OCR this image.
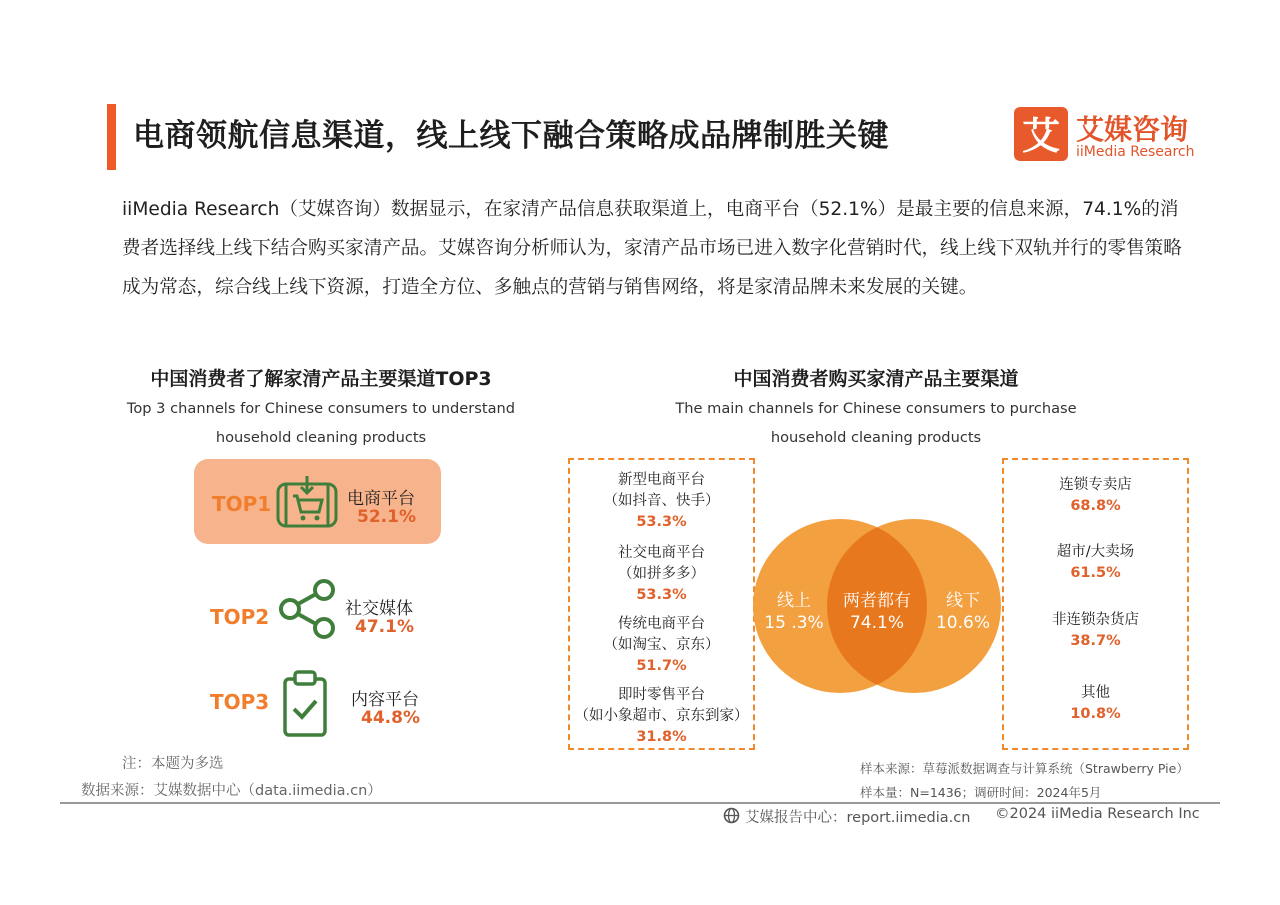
电商领航信息渠道，线上线下融合策略成品牌制胜关键	艾 艾媒咨询
iiMedia Research
iiMedia Research（艾媒咨询）数据显示，在家清产品信息获取渠道上，电商平台（52.1%）是最主要的信息来源，74.1%的消费者选择线上线下结合购买家清产品。艾媒咨询分析师认为，家清产品市场已进入数字化营销时代，线上线下双轨并行的零售策略成为常态，综合线上线下资源，打造全方位、多触点的营销与销售网络，将是家清品牌未来发展的关键。
中国消费者了解家清产品主要渠道TOP3
Top 3 channels for Chinese consumers to understand
household cleaning products
TOP1	电商平台
52.1%
TOP2	社交媒体
47.1%
TOP3	内容平台
44.8%
中国消费者购买家清产品主要渠道
The main channels for Chinese consumers to purchase
household cleaning products
新型电商平台
（如抖音、快手）
53.3%
社交电商平台
（如拼多多）
53.3%
传统电商平台
（如淘宝、京东）
51.7%
即时零售平台
（如小象超市、京东到家）
31.8%
线上
15 .3%
两者都有
74.1%
线下
10.6%
连锁专卖店
68.8%
超市/大卖场
61.5%
非连锁杂货店
38.7%
其他
10.8%
注：本题为多选
数据来源：艾媒数据中心（data.iimedia.cn）
样本来源：草莓派数据调查与计算系统（Strawberry Pie）
样本量：N=1436；调研时间：2024年5月
艾媒报告中心：report.iimedia.cn ©2024 iiMedia Research Inc
